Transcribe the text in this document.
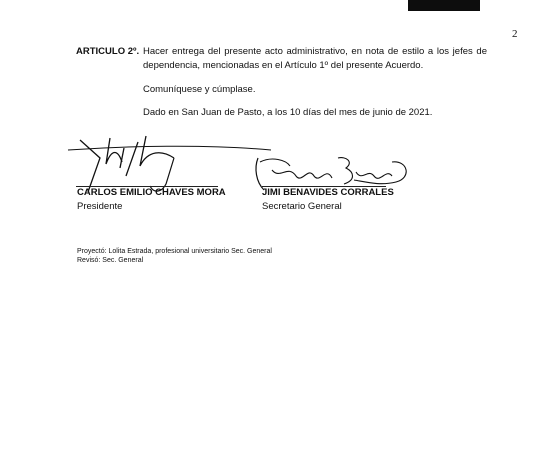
2
ARTICULO 2º. Hacer entrega del presente acto administrativo, en nota de estilo a los jefes de dependencia, mencionadas en el Artículo 1º del presente Acuerdo.

Comuníquese y cúmplase.

Dado en San Juan de Pasto, a los 10 días del mes de junio de 2021.

CARLOS EMILIO CHAVES MORA
Presidente
JIMI BENAVIDES CORRALES
Secretario General
Proyectó: Lolita Estrada, profesional universitario Sec. General
Revisó: Sec. General
